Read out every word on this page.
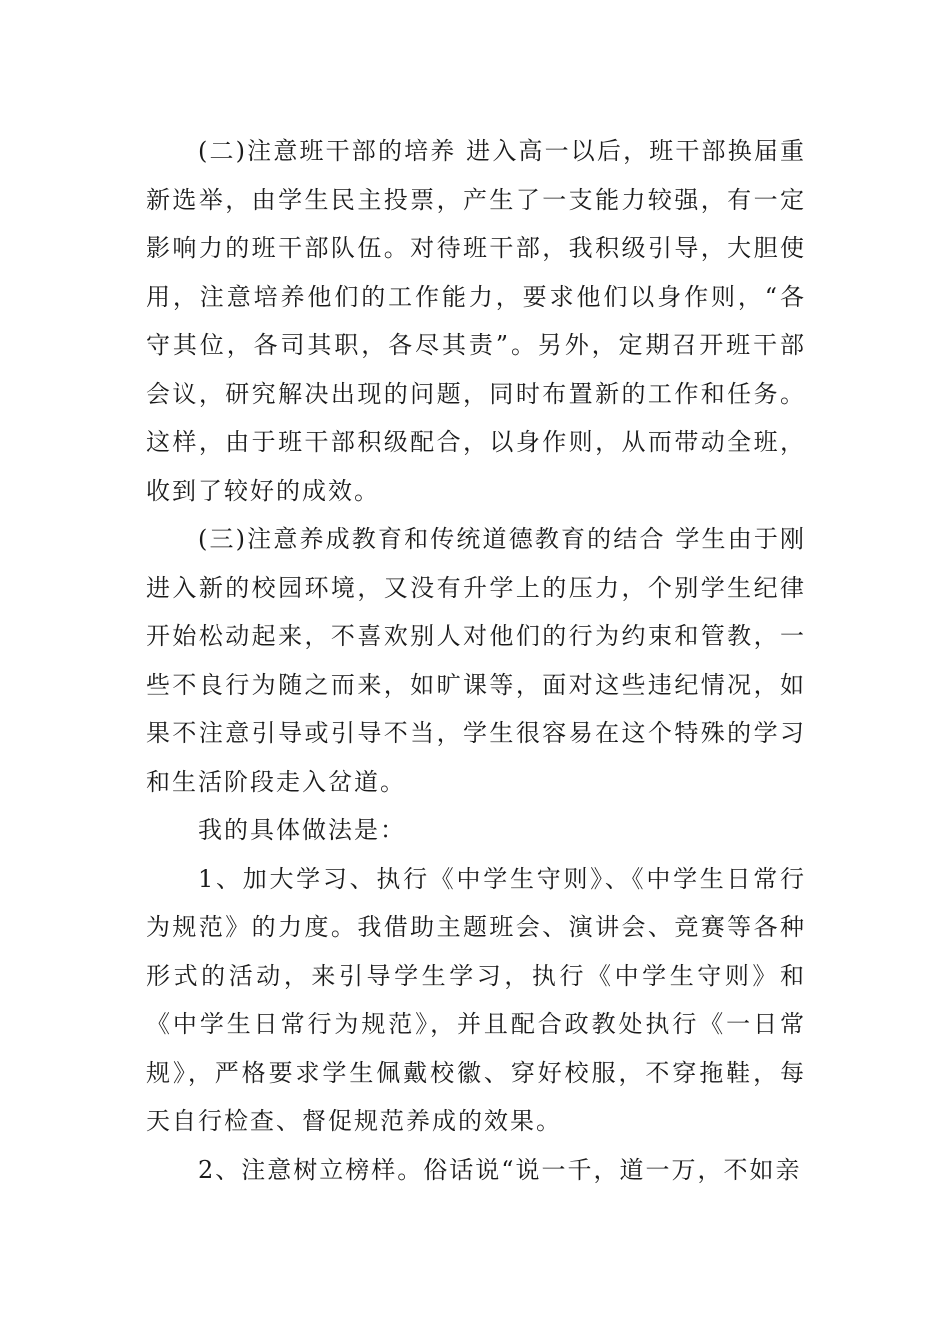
(二)注意班干部的培养 进入高一以后，班干部换届重新选举，由学生民主投票，产生了一支能力较强，有一定影响力的班干部队伍。对待班干部，我积级引导，大胆使用，注意培养他们的工作能力，要求他们以身作则，“各守其位，各司其职，各尽其责”。另外，定期召开班干部会议，研究解决出现的问题，同时布置新的工作和任务。这样，由于班干部积级配合，以身作则，从而带动全班，收到了较好的成效。

(三)注意养成教育和传统道德教育的结合 学生由于刚进入新的校园环境，又没有升学上的压力，个别学生纪律开始松动起来，不喜欢别人对他们的行为约束和管教，一些不良行为随之而来，如旷课等，面对这些违纪情况，如果不注意引导或引导不当，学生很容易在这个特殊的学习和生活阶段走入岔道。

我的具体做法是：

1、加大学习、执行《中学生守则》、《中学生日常行为规范》的力度。我借助主题班会、演讲会、竞赛等各种形式的活动，来引导学生学习，执行《中学生守则》和《中学生日常行为规范》，并且配合政教处执行《一日常规》，严格要求学生佩戴校徽、穿好校服，不穿拖鞋，每天自行检查、督促规范养成的效果。

2、注意树立榜样。俗话说“说一千，道一万，不如亲
